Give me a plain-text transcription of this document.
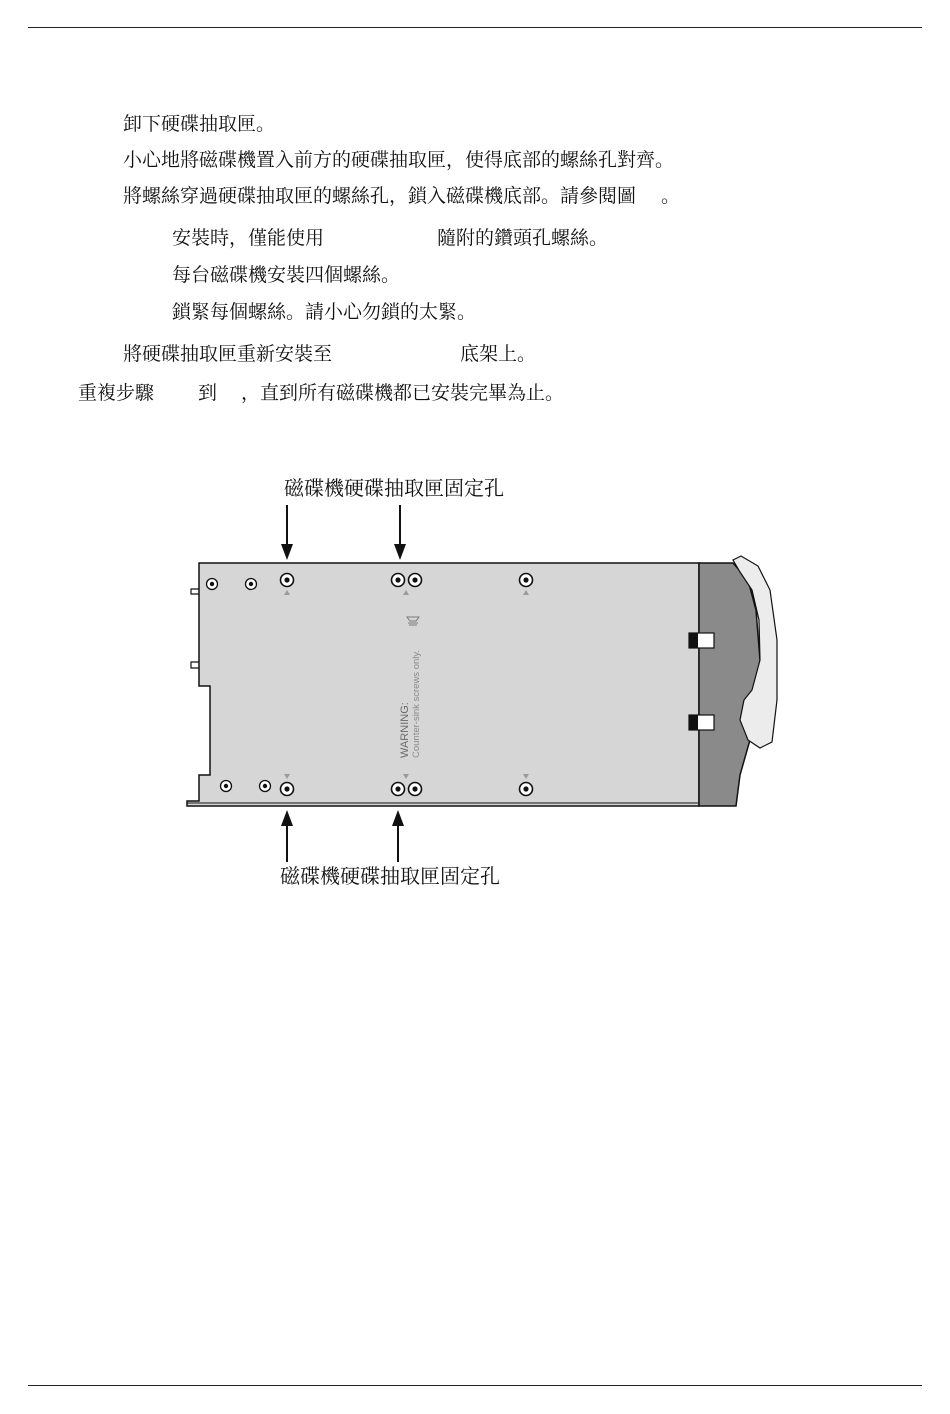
卸下硬碟抽取匣。
小心地將磁碟機置入前方的硬碟抽取匣，使得底部的螺絲孔對齊。
將螺絲穿過硬碟抽取匣的螺絲孔，鎖入磁碟機底部。請參閱圖　 。
安裝時，僅能使用	隨附的鑽頭孔螺絲。
每台磁碟機安裝四個螺絲。
鎖緊每個螺絲。請小心勿鎖的太緊。
將硬碟抽取匣重新安裝至	底架上。
重複步驟 到 ，直到所有磁碟機都已安裝完畢為止。
磁碟機硬碟抽取匣固定孔
磁碟機硬碟抽取匣固定孔
WARNING: Counter-sink screws only.
